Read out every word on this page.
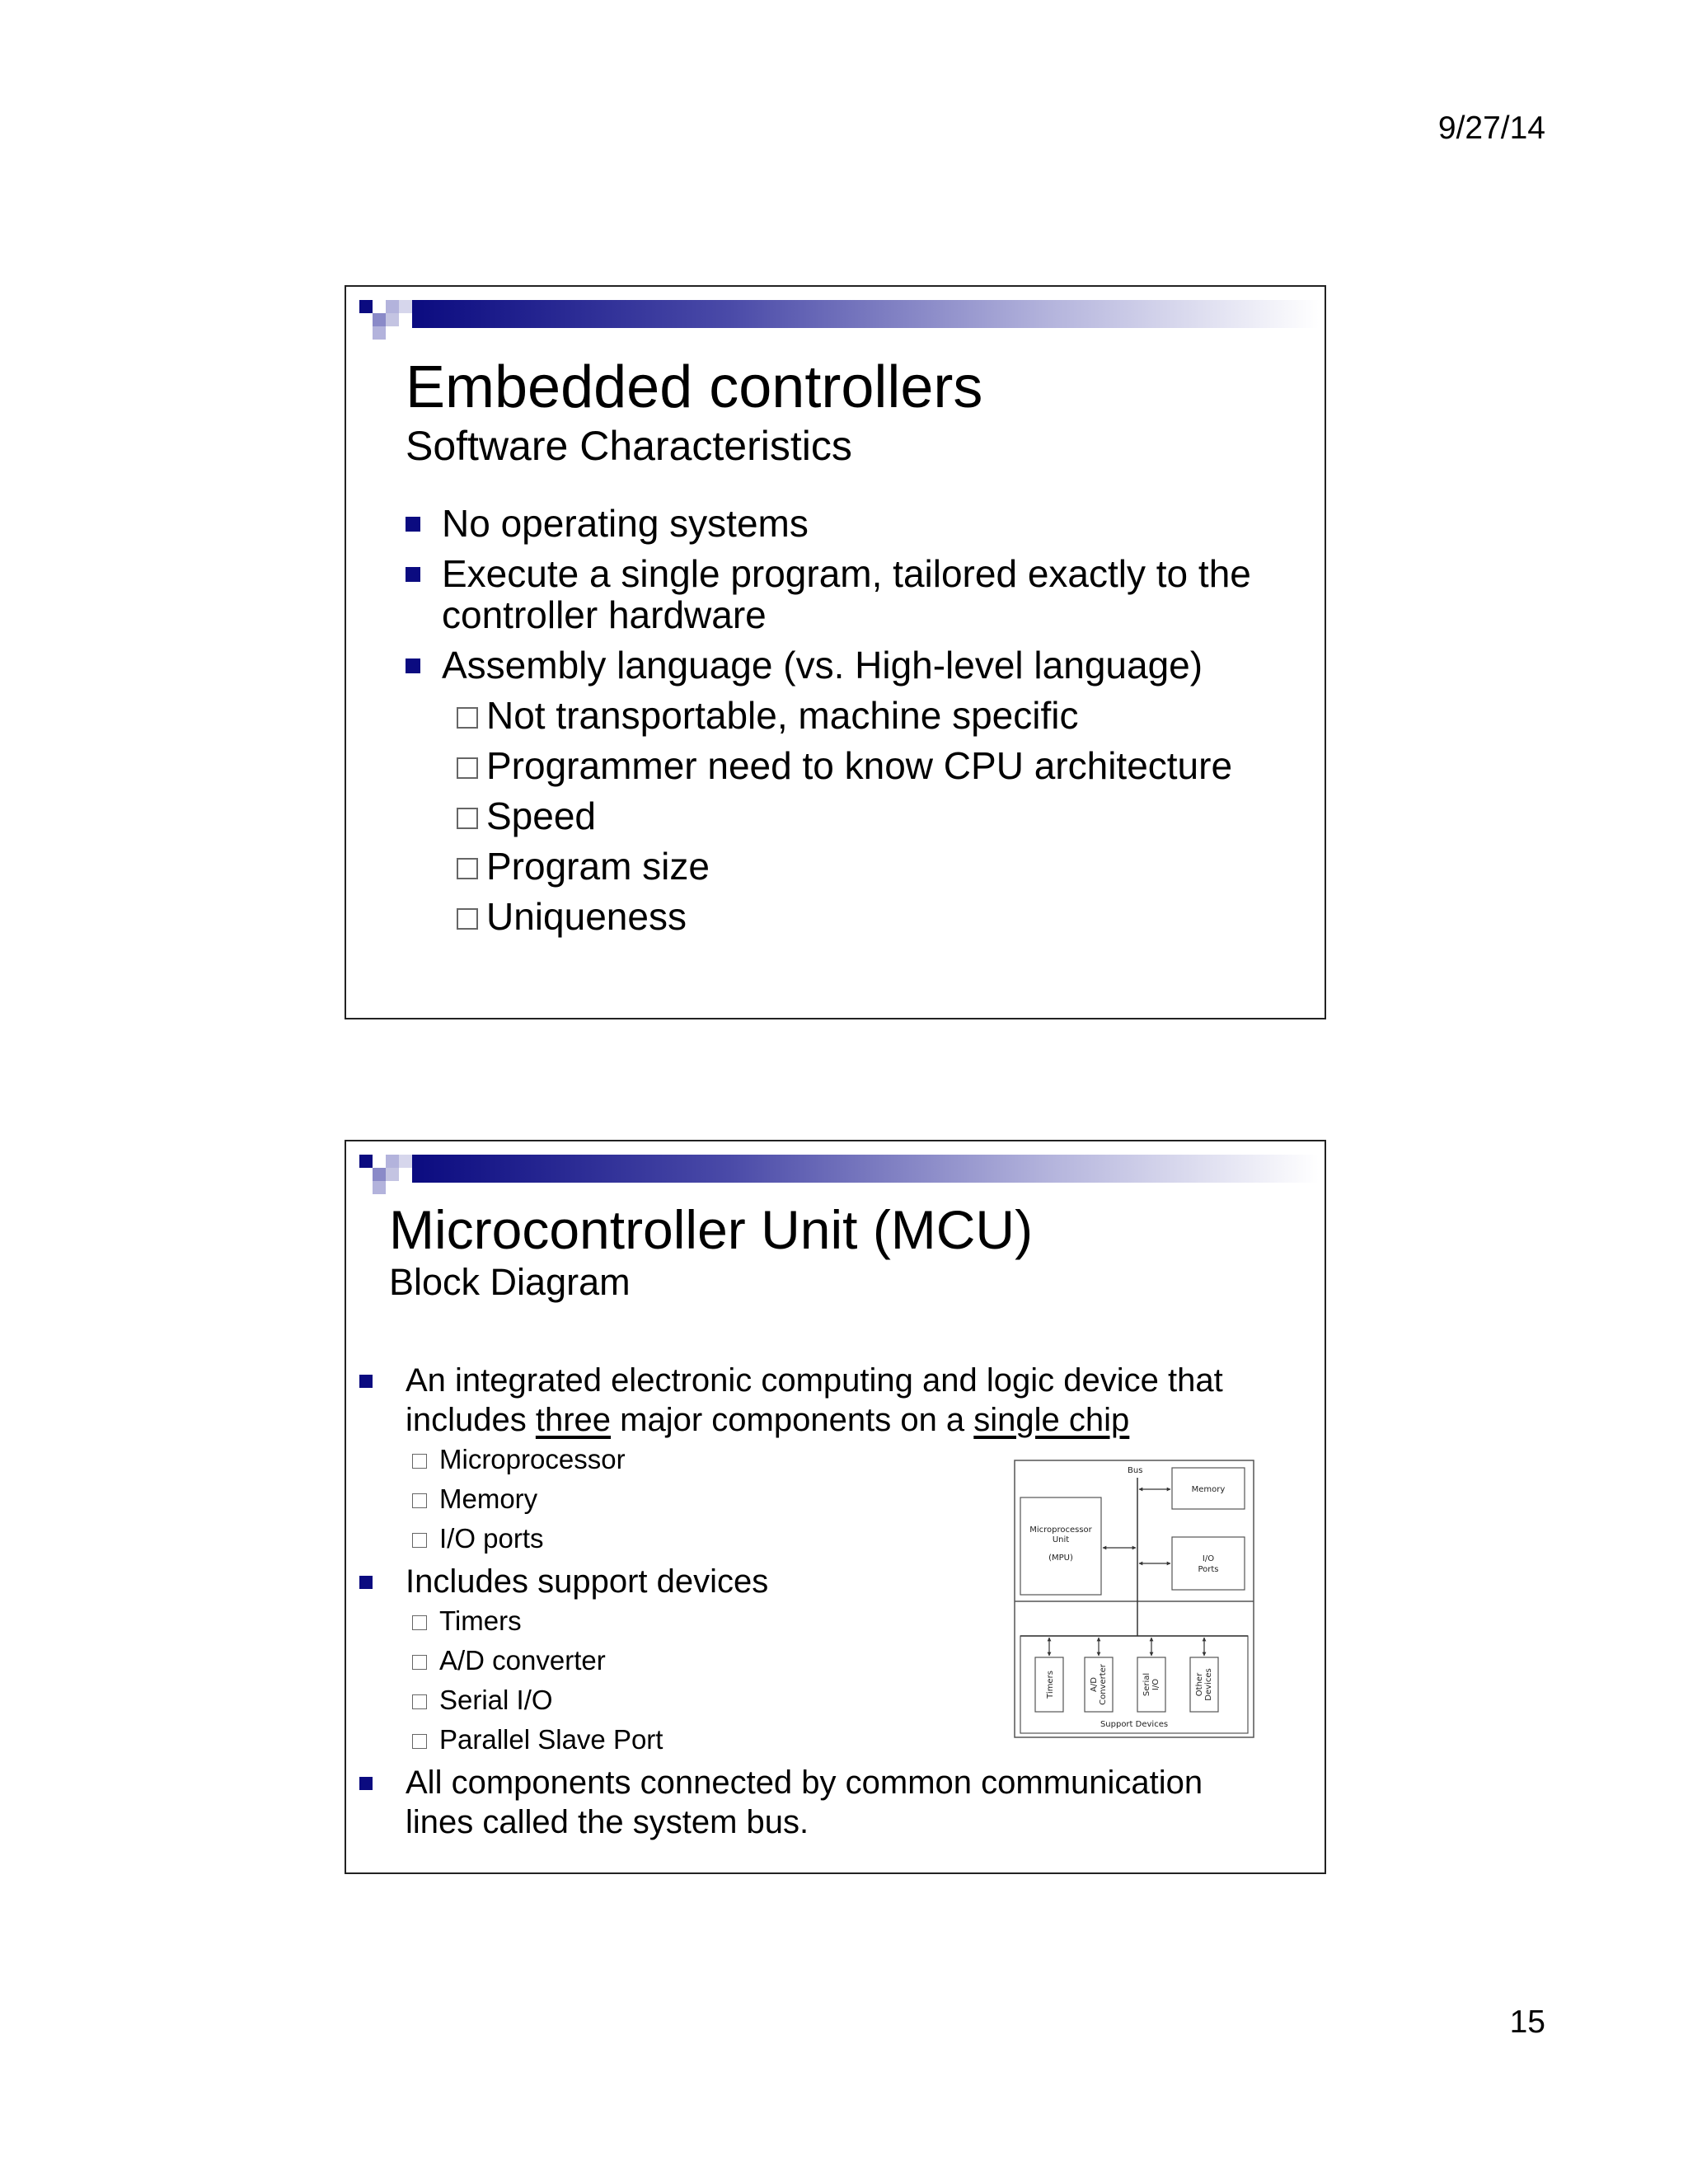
9/27/14
Embedded controllers
Software Characteristics
No operating systems
Execute a single program, tailored exactly to the controller hardware
Assembly language (vs. High-level language)
Not transportable, machine specific
Programmer need to know CPU architecture
Speed
Program size
Uniqueness
Microcontroller Unit (MCU)
Block Diagram
An integrated electronic computing and logic device that includes three major components on a single chip
Microprocessor
Memory
I/O ports
Includes support devices
Timers
A/D converter
Serial I/O
Parallel Slave Port
All components connected by common communication lines called the system bus.
Bus
Memory
Microprocessor
Unit
(MPU)	I/O
Ports
Timers	A/D Converter	Serial I/O	Other Devices
Support Devices
15
